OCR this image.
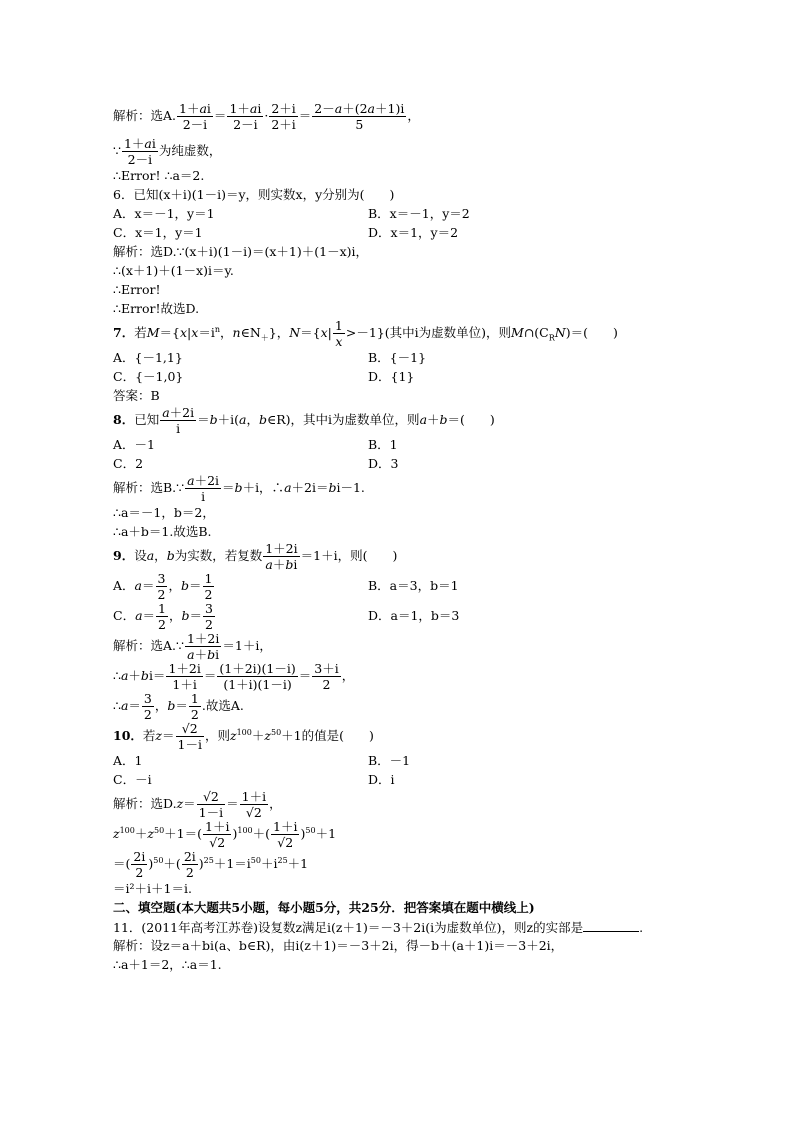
解析：选A. $\frac{1+ai}{2-i} = \frac{1+ai}{2-i} \cdot \frac{2+i}{2+i} = \frac{2-a+(2a+1)i}{5}$ ，
∵ $\frac{1+ai}{2-i}$ 为纯虚数，
∴Error! ∴a＝2.
6．已知(x＋i)(1－i)＝y，则实数x，y分别为(　　)
A．x＝－1，y＝1	B．x＝－1，y＝2
C．x＝1，y＝1	D．x＝1，y＝2
解析：选D.∵(x＋i)(1－i)＝(x＋1)＋(1－x)i，
∴(x＋1)＋(1－x)i＝y.
∴Error!
∴Error!故选D.
7．若$M=\{x|x=i^n$，$n\in N_+$}，$N=\{x| \frac{1}{x} >-1\}$(其中i为虚数单位)，则$M\cap(C_RN)=$(　　)
A．{－1,1}	B．{－1}
C．{－1,0}	D．{1}
答案：B
8．已知 $\frac{a+2i}{i} =b+i(a$，b∈R)，其中i为虚数单位，则a＋b＝(　　)
A．－1	B．1
C．2	D．3
解析：选B.∵ $\frac{a+2i}{i} =b+i$，∴a＋2i＝bi－1.
∴a＝－1，b＝2，
∴a＋b＝1.故选B.
9．设a，b为实数，若复数 $\frac{1+2i}{a+bi} =1+i$，则(　　)
A．$a= \frac{3}{2}$ ，$b= \frac{1}{2}$	B．a＝3，b＝1
C．$a= \frac{1}{2}$ ，$b= \frac{3}{2}$	D．a＝1，b＝3
解析：选A.∵ $\frac{1+2i}{a+bi} =1+i$，
∴a＋bi＝ $\frac{1+2i}{1+i} = \frac{(1+2i)(1-i)}{(1+i)(1-i)} = \frac{3+i}{2}$ ，
∴a＝ $\frac{3}{2}$ ，$b= \frac{1}{2}$ .故选A.
10．若$z= \frac{√2}{1-i}$ ，则$z^{100}+z^{50}+1$的值是(　　)
A．1	B．－1
C．－i	D．i
解析：选$D.z= \frac{√2}{1-i} = \frac{1+i}{√2}$ ，
$z^{100}+z^{50}+1=( \frac{1+i}{√2} )^{100}+( \frac{1+i}{√2} )^{50}+1$
＝( $\frac{2i}{2} )^{50}+( \frac{2i}{2} )^{25}+1=i^{50}+i^{25}+1$
＝i²＋i＋1＝i.
二、填空题(本大题共5小题，每小题5分，共25分．把答案填在题中横线上)
11．(2011年高考江苏卷)设复数z满足i(z＋1)＝－3＋2i(i为虚数单位)，则z的实部是	.
解析：设z＝a＋bi(a、b∈R)，由i(z＋1)＝－3＋2i，得－b＋(a＋1)i＝－3＋2i，
∴a＋1＝2，∴a＝1.
